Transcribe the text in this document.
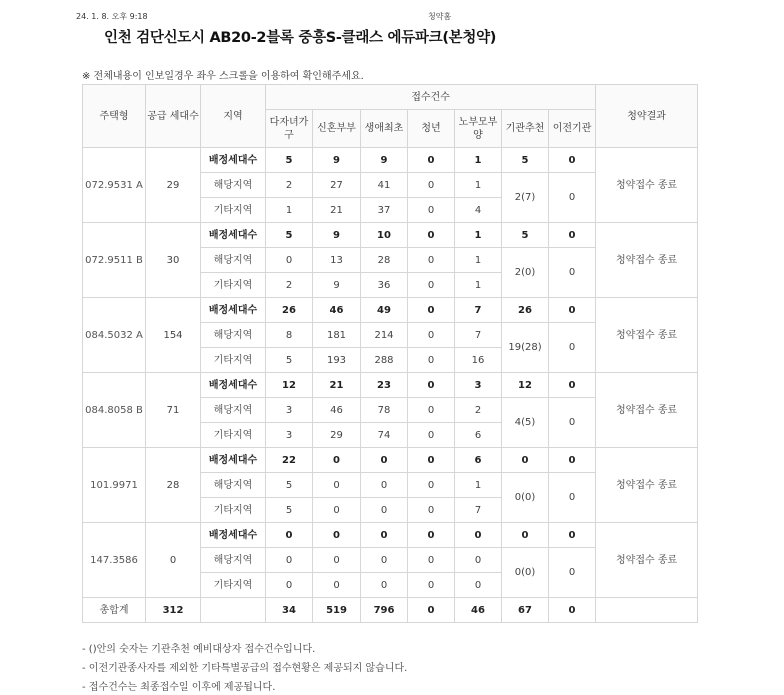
24. 1. 8. 오후 9:18	청약홈
인천 검단신도시 AB20-2블록 중흥S-클래스 에듀파크(본청약)
※ 전체내용이 인보일경우 좌우 스크롤을 이용하여 확인해주세요.
주택형	공급 세대수	지역	접수건수							청약결과
			다자녀가구	신혼부부	생애최초	청년	노부모부양	기관추천	이전기관	
072.9531 A	29	배정세대수	5	9	9	0	1	5	0	청약접수 종료
		해당지역	2	27	41	0	1	2(7)	0	
		기타지역	1	21	37	0	4			
072.9511 B	30	배정세대수	5	9	10	0	1	5	0	청약접수 종료
		해당지역	0	13	28	0	1	2(0)	0	
		기타지역	2	9	36	0	1			
084.5032 A	154	배정세대수	26	46	49	0	7	26	0	청약접수 종료
		해당지역	8	181	214	0	7	19(28)	0	
		기타지역	5	193	288	0	16			
084.8058 B	71	배정세대수	12	21	23	0	3	12	0	청약접수 종료
		해당지역	3	46	78	0	2	4(5)	0	
		기타지역	3	29	74	0	6			
101.9971	28	배정세대수	22	0	0	0	6	0	0	청약접수 종료
		해당지역	5	0	0	0	1	0(0)	0	
		기타지역	5	0	0	0	7			
147.3586	0	배정세대수	0	0	0	0	0	0	0	청약접수 종료
		해당지역	0	0	0	0	0	0(0)	0	
		기타지역	0	0	0	0	0			
총합계	312		34	519	796	0	46	67	0	
- ()안의 숫자는 기관추천 예비대상자 접수건수입니다.
- 이전기관종사자를 제외한 기타특별공급의 접수현황은 제공되지 않습니다.
- 접수건수는 최종접수일 이후에 제공됩니다.
